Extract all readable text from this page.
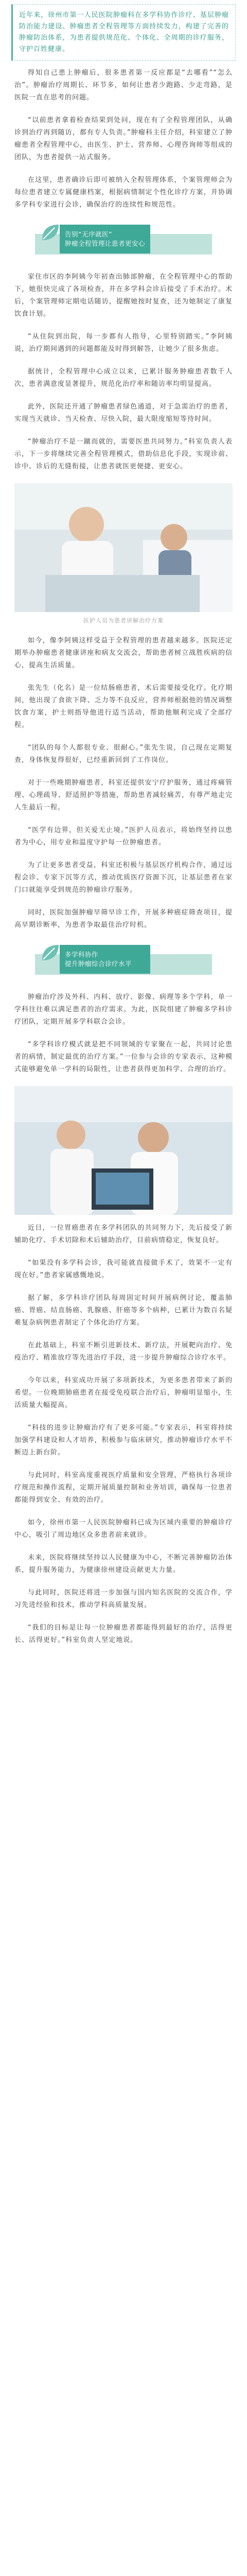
近年来，徐州市第一人民医院肿瘤科在多学科协作诊疗、基层肿瘤防治能力建设、肿瘤患者全程管理等方面持续发力，构建了完善的肿瘤防治体系，为患者提供规范化、个体化、全周期的诊疗服务，守护百姓健康。

得知自己患上肿瘤后，很多患者第一反应都是“去哪看”“怎么治”。肿瘤治疗周期长、环节多，如何让患者少跑路、少走弯路，是医院一直在思考的问题。

“以前患者拿着检查结果到处问，现在有了全程管理团队，从确诊到治疗再到随访，都有专人负责。”肿瘤科主任介绍，科室建立了肿瘤患者全程管理中心，由医生、护士、营养师、心理咨询师等组成的团队，为患者提供一站式服务。

在这里，患者确诊后即可被纳入全程管理体系，个案管理师会为每位患者建立专属健康档案，根据病情制定个性化诊疗方案，并协调多学科专家进行会诊，确保治疗的连续性和规范性。

告别“无序就医”
肿瘤全程管理让患者更安心

家住市区的李阿姨今年初查出肺部肿瘤，在全程管理中心的帮助下，她很快完成了各项检查，并在多学科会诊后接受了手术治疗。术后，个案管理师定期电话随访，提醒她按时复查，还为她制定了康复饮食计划。

“从住院到出院，每一步都有人指导，心里特别踏实。”李阿姨说，治疗期间遇到的问题都能及时得到解答，让她少了很多焦虑。

据统计，全程管理中心成立以来，已累计服务肿瘤患者数千人次，患者满意度显著提升，规范化治疗率和随访率均明显提高。

此外，医院还开通了肿瘤患者绿色通道，对于急需治疗的患者，实现当天就诊、当天检查、尽快入院，最大限度缩短等待时间。

“肿瘤治疗不是一蹴而就的，需要医患共同努力。”科室负责人表示，下一步将继续完善全程管理模式，借助信息化手段，实现诊前、诊中、诊后的无缝衔接，让患者就医更便捷、更安心。

医护人员为患者讲解治疗方案

如今，像李阿姨这样受益于全程管理的患者越来越多。医院还定期举办肿瘤患者健康讲座和病友交流会，帮助患者树立战胜疾病的信心，提高生活质量。

张先生（化名）是一位结肠癌患者，术后需要接受化疗。化疗期间，他出现了食欲下降、乏力等不良反应，营养师根据他的情况调整饮食方案，护士则指导他进行适当活动，帮助他顺利完成了全部疗程。

“团队的每个人都很专业、很耐心。”张先生说，自己现在定期复查，身体恢复得很好，已经重新回到了工作岗位。

对于一些晚期肿瘤患者，科室还提供安宁疗护服务，通过疼痛管理、心理疏导、舒适照护等措施，帮助患者减轻痛苦，有尊严地走完人生最后一程。

“医学有边界，但关爱无止境。”医护人员表示，将始终坚持以患者为中心，用专业和温度守护每一位肿瘤患者。

为了让更多患者受益，科室还积极与基层医疗机构合作，通过远程会诊、专家下沉等方式，推动优质医疗资源下沉，让基层患者在家门口就能享受到规范的肿瘤诊疗服务。

同时，医院加强肿瘤早筛早诊工作，开展多种癌症筛查项目，提高早期诊断率，为患者争取最佳治疗时机。

多学科协作
提升肿瘤综合诊疗水平

肿瘤治疗涉及外科、内科、放疗、影像、病理等多个学科，单一学科往往难以满足患者的治疗需求。为此，医院组建了肿瘤多学科诊疗团队，定期开展多学科联合会诊。

“多学科诊疗模式就是把不同领域的专家聚在一起，共同讨论患者的病情，制定最优的治疗方案。”一位参与会诊的专家表示，这种模式能够避免单一学科的局限性，让患者获得更加科学、合理的治疗。

近日，一位胃癌患者在多学科团队的共同努力下，先后接受了新辅助化疗、手术切除和术后辅助治疗，目前病情稳定，恢复良好。

“如果没有多学科会诊，我可能就直接做手术了，效果不一定有现在好。”患者家属感慨地说。

据了解，多学科诊疗团队每周固定时间开展病例讨论，覆盖肺癌、胃癌、结直肠癌、乳腺癌、肝癌等多个病种，已累计为数百名疑难复杂病例患者制定了个体化治疗方案。

在此基础上，科室不断引进新技术、新疗法，开展靶向治疗、免疫治疗、精准放疗等先进治疗手段，进一步提升肿瘤综合诊疗水平。

今年以来，科室成功开展了多项新技术，为更多患者带来了新的希望。一位晚期肺癌患者在接受免疫联合治疗后，肿瘤明显缩小，生活质量大幅提高。

“科技的进步让肿瘤治疗有了更多可能。”专家表示，科室将持续加强学科建设和人才培养，积极参与临床研究，推动肿瘤诊疗水平不断迈上新台阶。

与此同时，科室高度重视医疗质量和安全管理，严格执行各项诊疗规范和操作流程，定期开展质量控制和业务培训，确保每一位患者都能得到安全、有效的治疗。

如今，徐州市第一人民医院肿瘤科已成为区域内重要的肿瘤诊疗中心，吸引了周边地区众多患者前来就诊。

未来，医院将继续坚持以人民健康为中心，不断完善肿瘤防治体系，提升服务能力，为健康徐州建设贡献更大力量。

与此同时，医院还将进一步加强与国内知名医院的交流合作，学习先进经验和技术，推动学科高质量发展。

“我们的目标是让每一位肿瘤患者都能得到最好的治疗，活得更长、活得更好。”科室负责人坚定地说。
